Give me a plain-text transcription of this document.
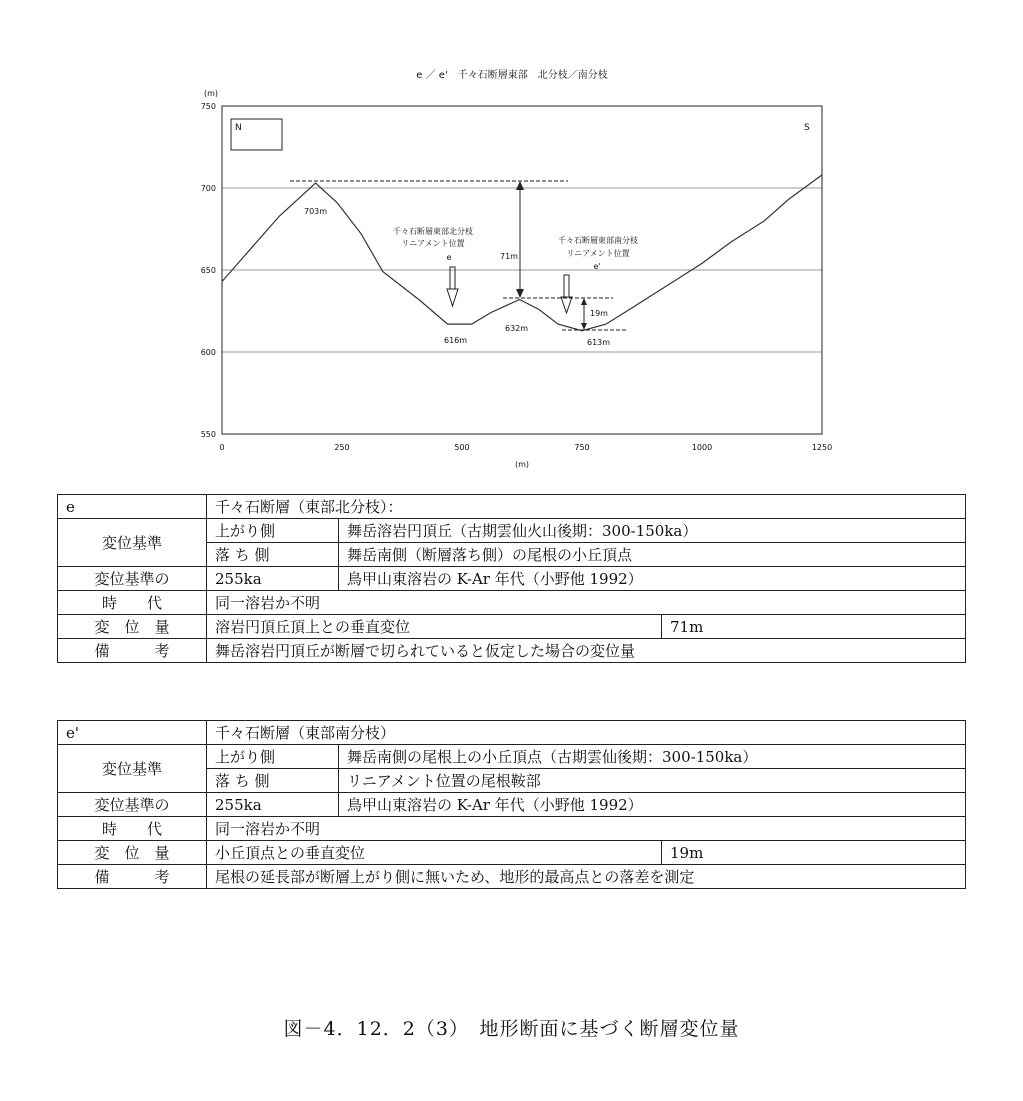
e ／ e'　千々石断層東部　北分枝／南分枝
(m)
550
600
650
700
750
0	250	500	750	1000	1250
(m)
N	S
71m
19m
703m
616m
632m
613m
千々石断層東部北分枝
リニアメント位置
e
千々石断層東部南分枝
リニアメント位置
e'
e	千々石断層（東部北分枝）：		
変位基準	上がり側	舞岳溶岩円頂丘（古期雲仙火山後期：300-150ka）	
	落 ち 側	舞岳南側（断層落ち側）の尾根の小丘頂点	
変位基準の	255ka	鳥甲山東溶岩の K-Ar 年代（小野他 1992）	
時　　代	同一溶岩か不明		
変　位　量	溶岩円頂丘頂上との垂直変位		71m
備　　　考	舞岳溶岩円頂丘が断層で切られていると仮定した場合の変位量		
e'	千々石断層（東部南分枝）		
変位基準	上がり側	舞岳南側の尾根上の小丘頂点（古期雲仙後期：300-150ka）	
	落 ち 側	リニアメント位置の尾根鞍部	
変位基準の	255ka	鳥甲山東溶岩の K-Ar 年代（小野他 1992）	
時　　代	同一溶岩か不明		
変　位　量	小丘頂点との垂直変位		19m
備　　　考	尾根の延長部が断層上がり側に無いため、地形的最高点との落差を測定		
図－4．12．2（3）　地形断面に基づく断層変位量
